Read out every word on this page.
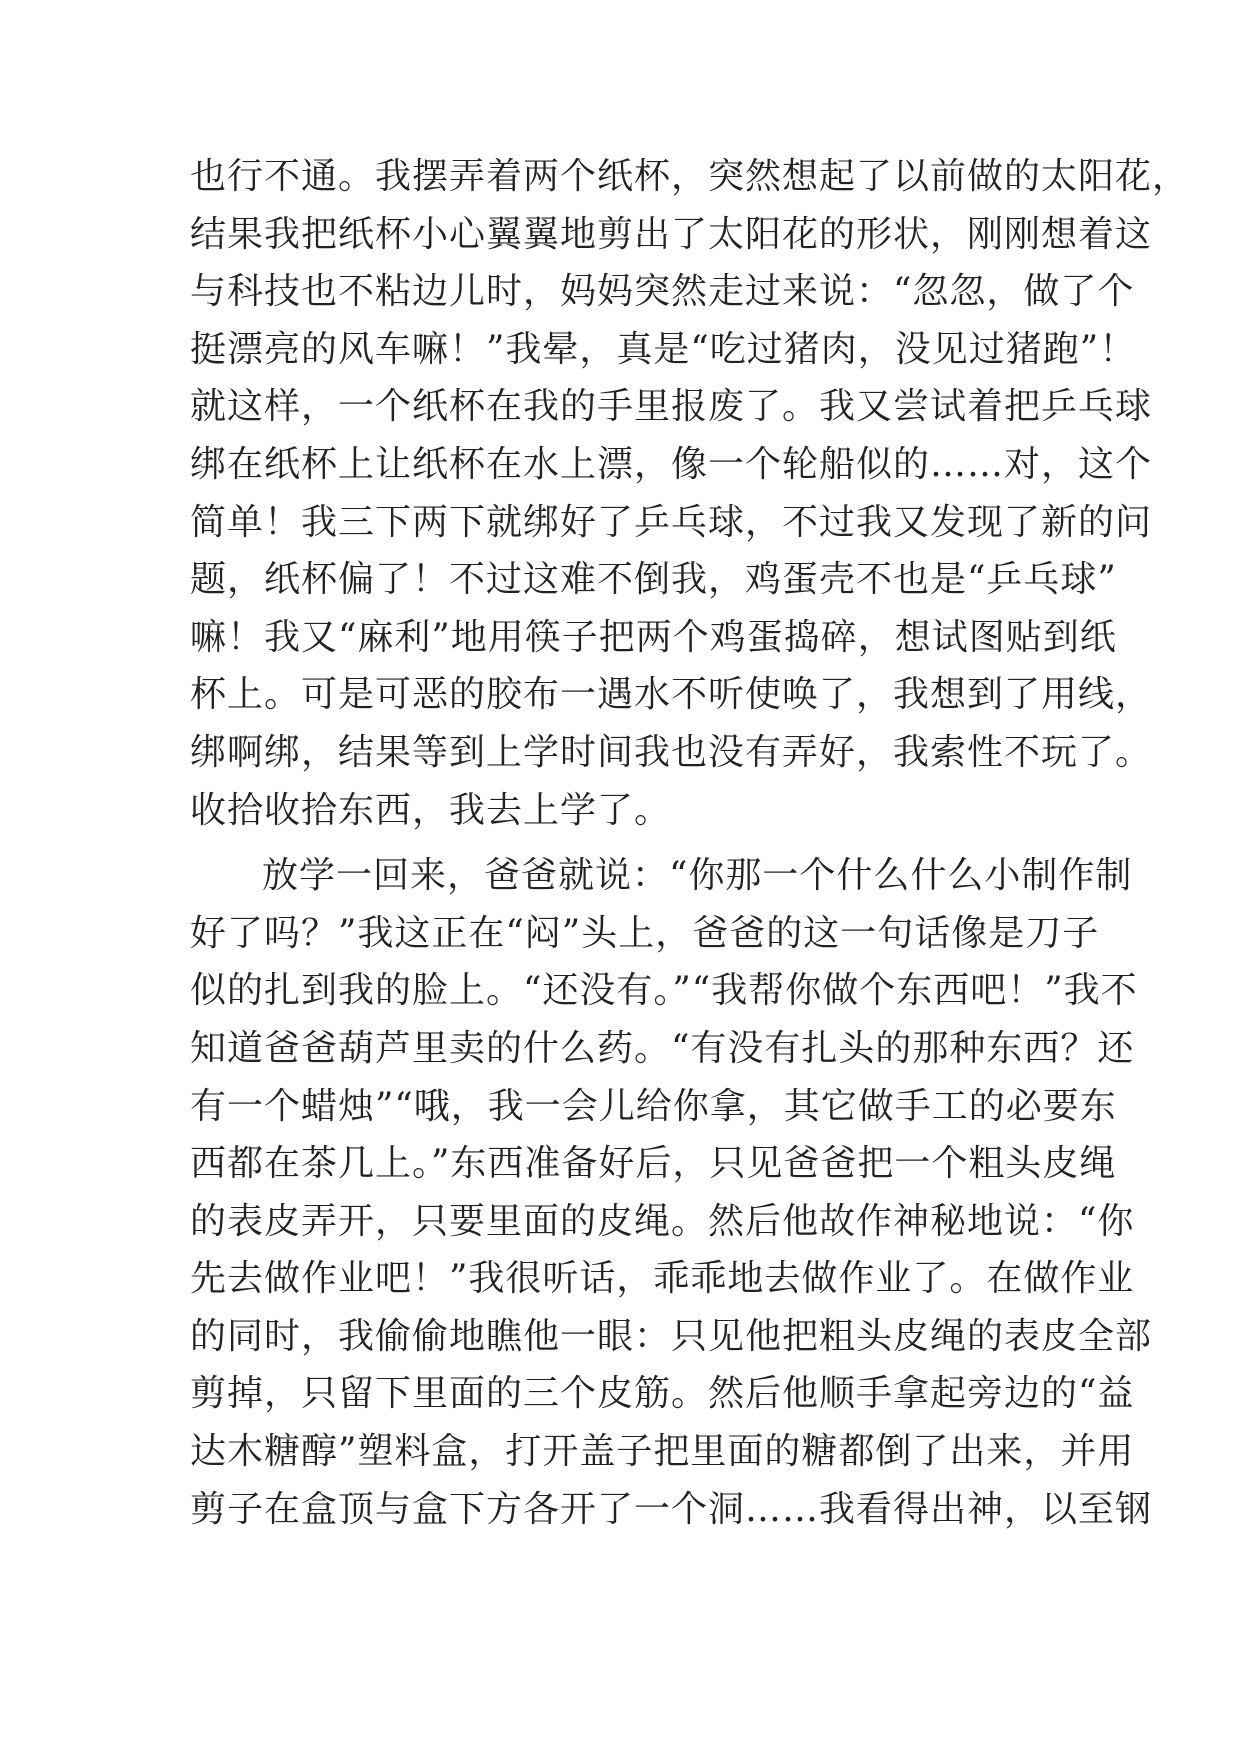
也行不通。我摆弄着两个纸杯，突然想起了以前做的太阳花，
结果我把纸杯小心翼翼地剪出了太阳花的形状，刚刚想着这
与科技也不粘边儿时，妈妈突然走过来说：“忽忽，做了个
挺漂亮的风车嘛！”我晕，真是“吃过猪肉，没见过猪跑”！
就这样，一个纸杯在我的手里报废了。我又尝试着把乒乓球
绑在纸杯上让纸杯在水上漂，像一个轮船似的……对，这个
简单！我三下两下就绑好了乒乓球，不过我又发现了新的问
题，纸杯偏了！不过这难不倒我，鸡蛋壳不也是“乒乓球”
嘛！我又“麻利”地用筷子把两个鸡蛋捣碎，想试图贴到纸
杯上。可是可恶的胶布一遇水不听使唤了，我想到了用线，
绑啊绑，结果等到上学时间我也没有弄好，我索性不玩了。
收拾收拾东西，我去上学了。
放学一回来，爸爸就说：“你那一个什么什么小制作制
好了吗？”我这正在“闷”头上，爸爸的这一句话像是刀子
似的扎到我的脸上。“还没有。”“我帮你做个东西吧！”我不
知道爸爸葫芦里卖的什么药。“有没有扎头的那种东西？还
有一个蜡烛”“哦，我一会儿给你拿，其它做手工的必要东
西都在茶几上。”东西准备好后，只见爸爸把一个粗头皮绳
的表皮弄开，只要里面的皮绳。然后他故作神秘地说：“你
先去做作业吧！”我很听话，乖乖地去做作业了。在做作业
的同时，我偷偷地瞧他一眼：只见他把粗头皮绳的表皮全部
剪掉，只留下里面的三个皮筋。然后他顺手拿起旁边的“益
达木糖醇”塑料盒，打开盖子把里面的糖都倒了出来，并用
剪子在盒顶与盒下方各开了一个洞……我看得出神，以至钢
